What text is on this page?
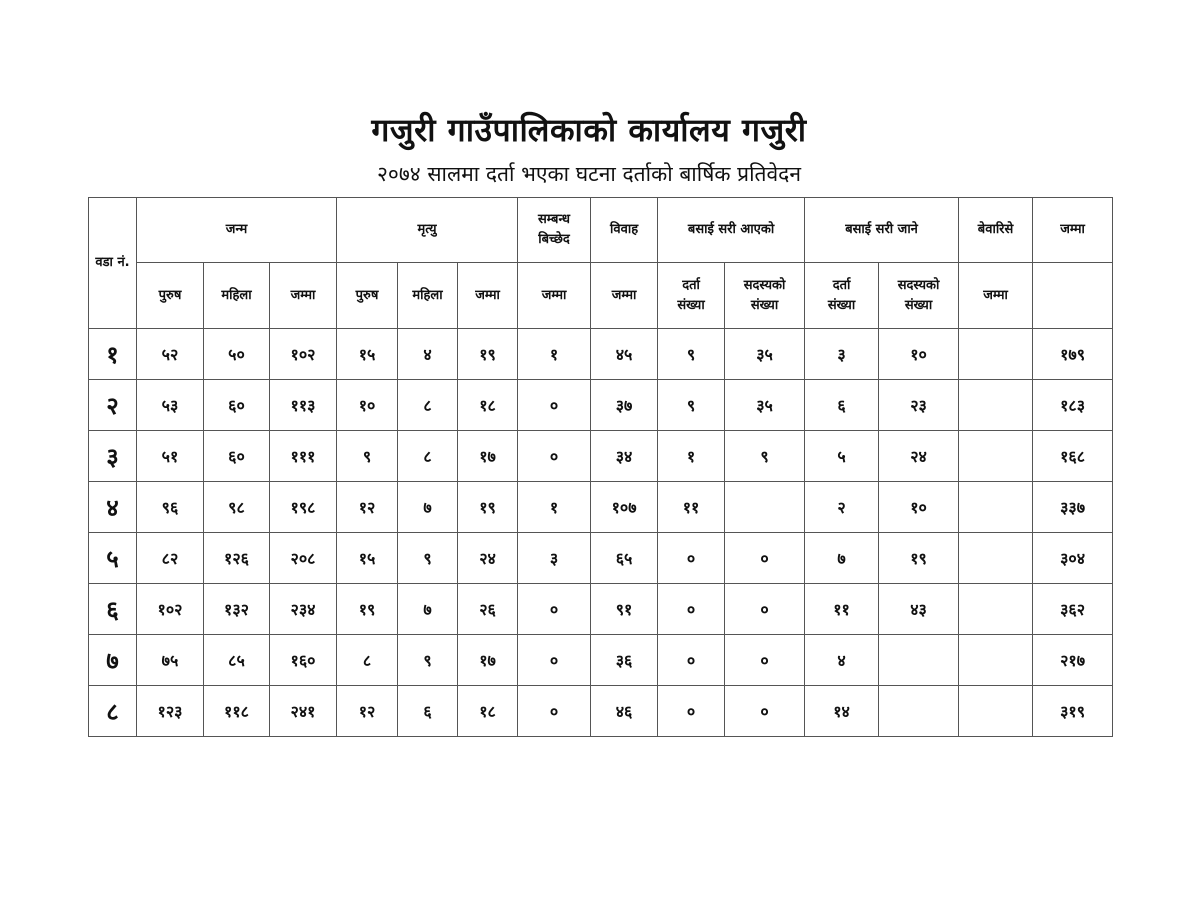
गजुरी गाउँपालिकाको कार्यालय गजुरी
२०७४ सालमा दर्ता भएका घटना दर्ताको बार्षिक प्रतिवेदन
वडा नं.	जन्म			मृत्यु			सम्बन्ध बिच्छेद	विवाह	बसाई सरी आएको		बसाई सरी जाने		बेवारिसे	जम्मा
	पुरुष	महिला	जम्मा	पुरुष	महिला	जम्मा	जम्मा	जम्मा	दर्ता संख्या	सदस्यको संख्या	दर्ता संख्या	सदस्यको संख्या	जम्मा	
१	५२	५०	१०२	१५	४	१९	१	४५	९	३५	३	१०		१७९
२	५३	६०	११३	१०	८	१८	०	३७	९	३५	६	२३		१८३
३	५१	६०	१११	९	८	१७	०	३४	१	९	५	२४		१६८
४	९६	९८	१९८	१२	७	१९	१	१०७	११		२	१०		३३७
५	८२	१२६	२०८	१५	९	२४	३	६५	०	०	७	१९		३०४
६	१०२	१३२	२३४	१९	७	२६	०	९१	०	०	११	४३		३६२
७	७५	८५	१६०	८	९	१७	०	३६	०	०	४			२१७
८	१२३	११८	२४१	१२	६	१८	०	४६	०	०	१४			३१९
